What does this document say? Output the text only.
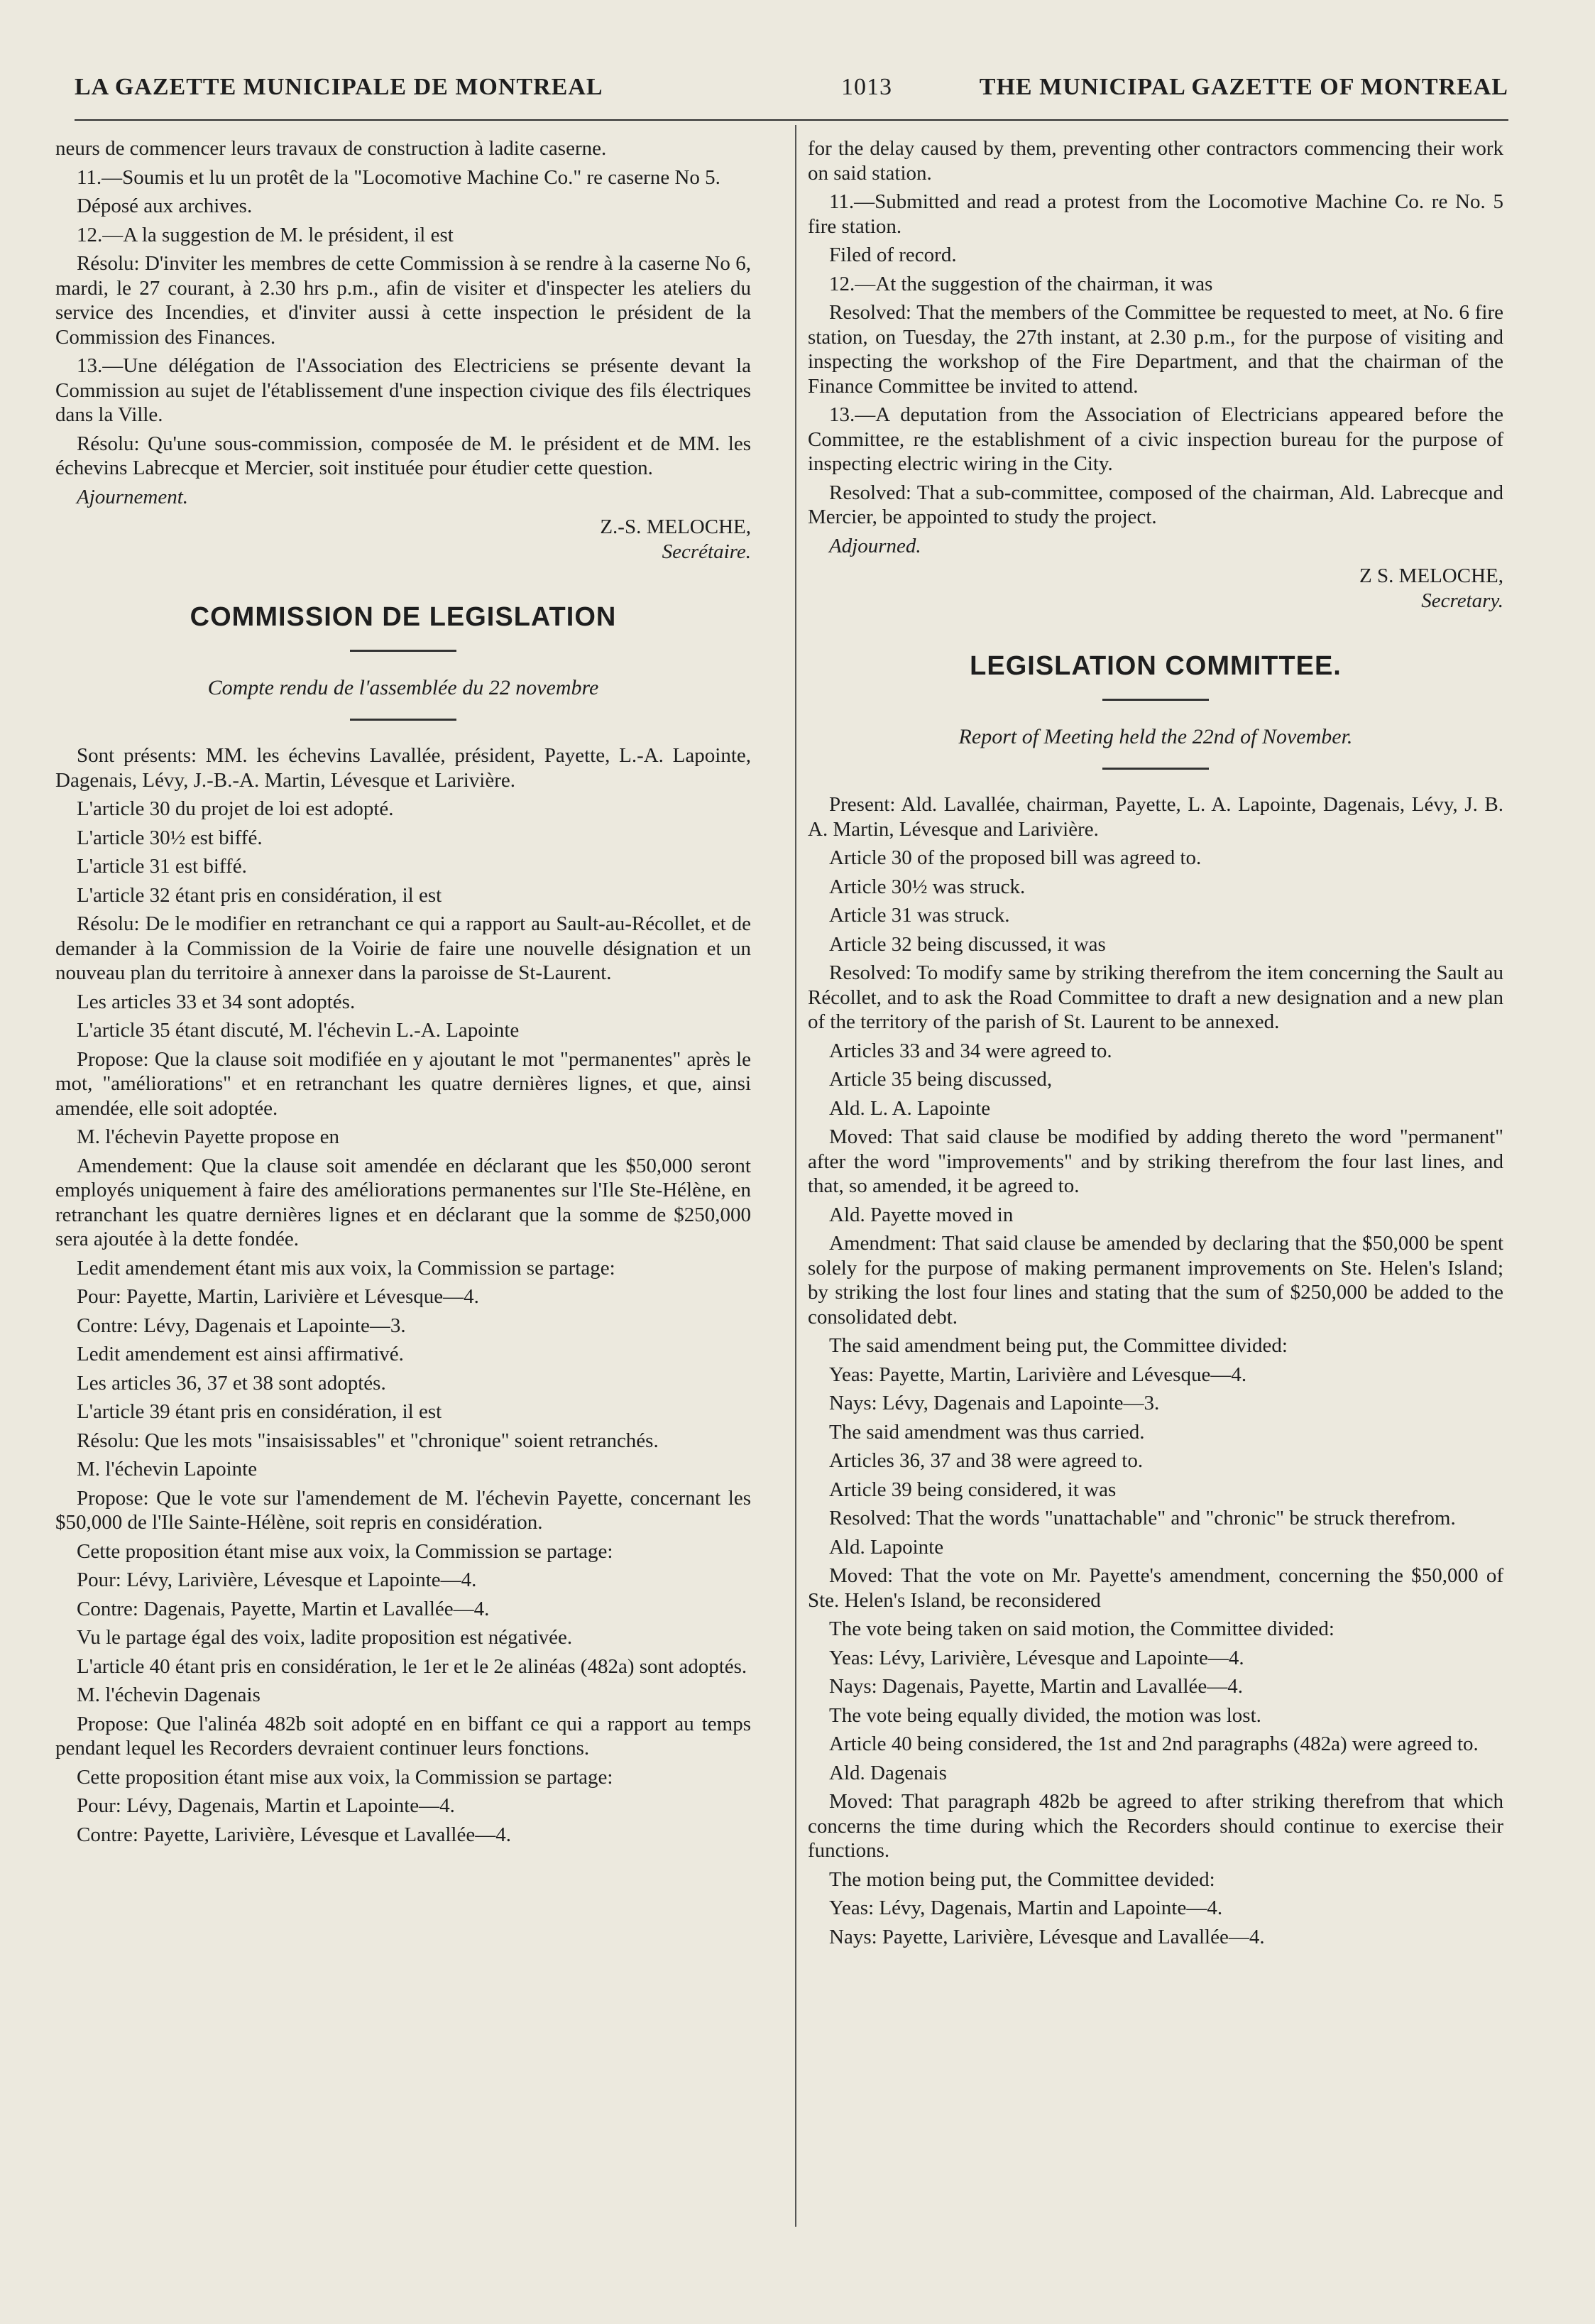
LA GAZETTE MUNICIPALE DE MONTREAL	1013	THE MUNICIPAL GAZETTE OF MONTREAL

neurs de commencer leurs travaux de construction à ladite caserne.

11.—Soumis et lu un protêt de la "Locomotive Machine Co." re caserne No 5.

Déposé aux archives.

12.—A la suggestion de M. le président, il est

Résolu: D'inviter les membres de cette Commission à se rendre à la caserne No 6, mardi, le 27 courant, à 2.30 hrs p.m., afin de visiter et d'inspecter les ateliers du service des Incendies, et d'inviter aussi à cette inspection le président de la Commission des Finances.

13.—Une délégation de l'Association des Electriciens se présente devant la Commission au sujet de l'établissement d'une inspection civique des fils électriques dans la Ville.

Résolu: Qu'une sous-commission, composée de M. le président et de MM. les échevins Labrecque et Mercier, soit instituée pour étudier cette question.

Ajournement.

Z.-S. MELOCHE,
Secrétaire.
COMMISSION DE LEGISLATION
Compte rendu de l'assemblée du 22 novembre

Sont présents: MM. les échevins Lavallée, président, Payette, L.-A. Lapointe, Dagenais, Lévy, J.-B.-A. Martin, Lévesque et Larivière.

L'article 30 du projet de loi est adopté.

L'article 30½ est biffé.

L'article 31 est biffé.

L'article 32 étant pris en considération, il est

Résolu: De le modifier en retranchant ce qui a rapport au Sault-au-Récollet, et de demander à la Commission de la Voirie de faire une nouvelle désignation et un nouveau plan du territoire à annexer dans la paroisse de St-Laurent.

Les articles 33 et 34 sont adoptés.

L'article 35 étant discuté, M. l'échevin L.-A. Lapointe

Propose: Que la clause soit modifiée en y ajoutant le mot "permanentes" après le mot, "améliorations" et en retranchant les quatre dernières lignes, et que, ainsi amendée, elle soit adoptée.

M. l'échevin Payette propose en

Amendement: Que la clause soit amendée en déclarant que les $50,000 seront employés uniquement à faire des améliorations permanentes sur l'Ile Ste-Hélène, en retranchant les quatre dernières lignes et en déclarant que la somme de $250,000 sera ajoutée à la dette fondée.

Ledit amendement étant mis aux voix, la Commission se partage:

Pour: Payette, Martin, Larivière et Lévesque—4.

Contre: Lévy, Dagenais et Lapointe—3.

Ledit amendement est ainsi affirmativé.

Les articles 36, 37 et 38 sont adoptés.

L'article 39 étant pris en considération, il est

Résolu: Que les mots "insaisissables" et "chronique" soient retranchés.

M. l'échevin Lapointe

Propose: Que le vote sur l'amendement de M. l'échevin Payette, concernant les $50,000 de l'Ile Sainte-Hélène, soit repris en considération.

Cette proposition étant mise aux voix, la Commission se partage:

Pour: Lévy, Larivière, Lévesque et Lapointe—4.

Contre: Dagenais, Payette, Martin et Lavallée—4.

Vu le partage égal des voix, ladite proposition est négativée.

L'article 40 étant pris en considération, le 1er et le 2e alinéas (482a) sont adoptés.

M. l'échevin Dagenais

Propose: Que l'alinéa 482b soit adopté en en biffant ce qui a rapport au temps pendant lequel les Recorders devraient continuer leurs fonctions.

Cette proposition étant mise aux voix, la Commission se partage:

Pour: Lévy, Dagenais, Martin et Lapointe—4.

Contre: Payette, Larivière, Lévesque et Lavallée—4.

for the delay caused by them, preventing other contractors commencing their work on said station.

11.—Submitted and read a protest from the Locomotive Machine Co. re No. 5 fire station.

Filed of record.

12.—At the suggestion of the chairman, it was

Resolved: That the members of the Committee be requested to meet, at No. 6 fire station, on Tuesday, the 27th instant, at 2.30 p.m., for the purpose of visiting and inspecting the workshop of the Fire Department, and that the chairman of the Finance Committee be invited to attend.

13.—A deputation from the Association of Electricians appeared before the Committee, re the establishment of a civic inspection bureau for the purpose of inspecting electric wiring in the City.

Resolved: That a sub-committee, composed of the chairman, Ald. Labrecque and Mercier, be appointed to study the project.

Adjourned.

Z S. MELOCHE,
Secretary.
LEGISLATION COMMITTEE.
Report of Meeting held the 22nd of November.

Present: Ald. Lavallée, chairman, Payette, L. A. Lapointe, Dagenais, Lévy, J. B. A. Martin, Lévesque and Larivière.

Article 30 of the proposed bill was agreed to.

Article 30½ was struck.

Article 31 was struck.

Article 32 being discussed, it was

Resolved: To modify same by striking therefrom the item concerning the Sault au Récollet, and to ask the Road Committee to draft a new designation and a new plan of the territory of the parish of St. Laurent to be annexed.

Articles 33 and 34 were agreed to.

Article 35 being discussed,

Ald. L. A. Lapointe

Moved: That said clause be modified by adding thereto the word "permanent" after the word "improvements" and by striking therefrom the four last lines, and that, so amended, it be agreed to.

Ald. Payette moved in

Amendment: That said clause be amended by declaring that the $50,000 be spent solely for the purpose of making permanent improvements on Ste. Helen's Island; by striking the lost four lines and stating that the sum of $250,000 be added to the consolidated debt.

The said amendment being put, the Committee divided:

Yeas: Payette, Martin, Larivière and Lévesque—4.

Nays: Lévy, Dagenais and Lapointe—3.

The said amendment was thus carried.

Articles 36, 37 and 38 were agreed to.

Article 39 being considered, it was

Resolved: That the words "unattachable" and "chronic" be struck therefrom.

Ald. Lapointe

Moved: That the vote on Mr. Payette's amendment, concerning the $50,000 of Ste. Helen's Island, be reconsidered

The vote being taken on said motion, the Committee divided:

Yeas: Lévy, Larivière, Lévesque and Lapointe—4.

Nays: Dagenais, Payette, Martin and Lavallée—4.

The vote being equally divided, the motion was lost.

Article 40 being considered, the 1st and 2nd paragraphs (482a) were agreed to.

Ald. Dagenais

Moved: That paragraph 482b be agreed to after striking therefrom that which concerns the time during which the Recorders should continue to exercise their functions.

The motion being put, the Committee devided:

Yeas: Lévy, Dagenais, Martin and Lapointe—4.

Nays: Payette, Larivière, Lévesque and Lavallée—4.
